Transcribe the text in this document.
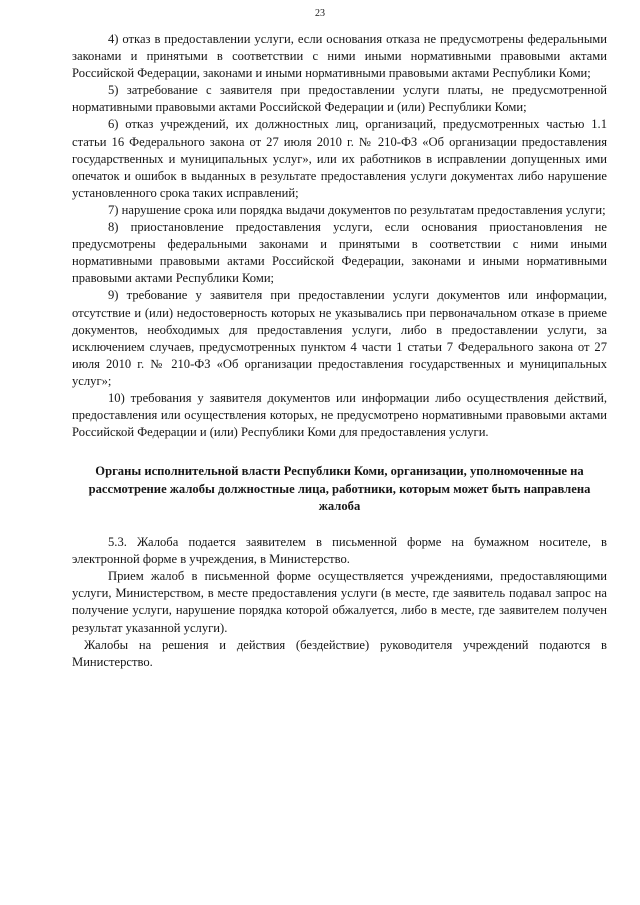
23

4) отказ в предоставлении услуги, если основания отказа не предусмотрены федеральными законами и принятыми в соответствии с ними иными нормативными правовыми актами Российской Федерации, законами и иными нормативными правовыми актами Республики Коми;

5) затребование с заявителя при предоставлении услуги платы, не предусмотренной нормативными правовыми актами Российской Федерации и (или) Республики Коми;

6) отказ учреждений, их должностных лиц, организаций, предусмотренных частью 1.1 статьи 16 Федерального закона от 27 июля 2010 г. № 210-ФЗ «Об организации предоставления государственных и муниципальных услуг», или их работников в исправлении допущенных ими опечаток и ошибок в выданных в результате предоставления услуги документах либо нарушение установленного срока таких исправлений;

7) нарушение срока или порядка выдачи документов по результатам предоставления услуги;

8) приостановление предоставления услуги, если основания приостановления не предусмотрены федеральными законами и принятыми в соответствии с ними иными нормативными правовыми актами Российской Федерации, законами и иными нормативными правовыми актами Республики Коми;

9) требование у заявителя при предоставлении услуги документов или информации, отсутствие и (или) недостоверность которых не указывались при первоначальном отказе в приеме документов, необходимых для предоставления услуги, либо в предоставлении услуги, за исключением случаев, предусмотренных пунктом 4 части 1 статьи 7 Федерального закона от 27 июля 2010 г. № 210-ФЗ «Об организации предоставления государственных и муниципальных услуг»;

10) требования у заявителя документов или информации либо осуществления действий, предоставления или осуществления которых, не предусмотрено нормативными правовыми актами Российской Федерации и (или) Республики Коми для предоставления услуги.

Органы исполнительной власти Республики Коми, организации, уполномоченные на рассмотрение жалобы должностные лица, работники, которым может быть направлена жалоба

5.3. Жалоба подается заявителем в письменной форме на бумажном носителе, в электронной форме в учреждения, в Министерство.

Прием жалоб в письменной форме осуществляется учреждениями, предоставляющими услуги, Министерством, в месте предоставления услуги (в месте, где заявитель подавал запрос на получение услуги, нарушение порядка которой обжалуется, либо в месте, где заявителем получен результат указанной услуги).

Жалобы на решения и действия (бездействие) руководителя учреждений подаются в Министерство.
